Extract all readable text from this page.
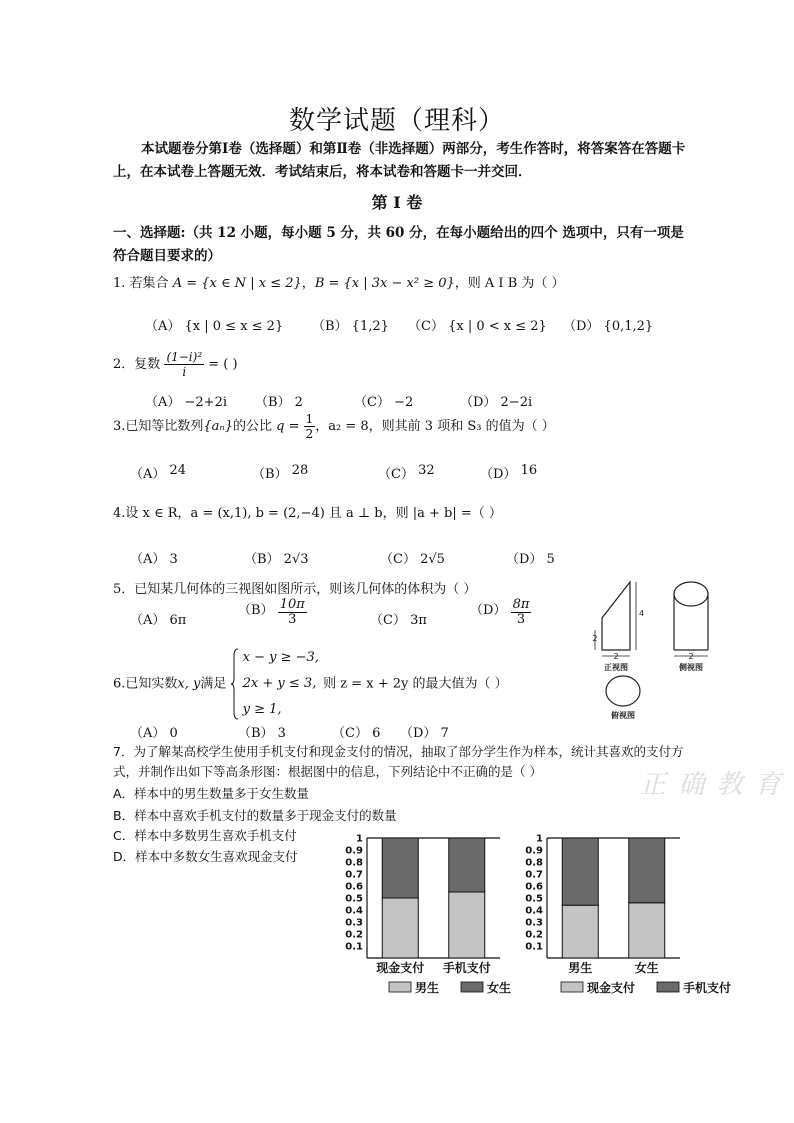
数学试题（理科）
本试题卷分第Ⅰ卷（选择题）和第Ⅱ卷（非选择题）两部分，考生作答时，将答案答在答题卡上，在本试卷上答题无效．考试结束后，将本试卷和答题卡一并交回．
第 Ⅰ 卷
一、选择题:（共 12 小题，每小题 5 分，共 60 分，在每小题给出的四个 选项中，只有一项是符合题目要求的）
1. 若集合 A = {x ∈ N | x ≤ 2}，B = {x | 3x − x² ≥ 0}，则 A I B 为（ ）
（A） {x | 0 ≤ x ≤ 2} （B） {1,2} （C） {x | 0 < x ≤ 2} （D） {0,1,2}
2．复数 $\frac{\text{(1−i)²}}{i}$ = ( )
（A） −2+2i （B） 2	（C） −2	（D） 2−2i
3.已知等比数列{aₙ}的公比 $q = \frac{1}{2}$ ，a₂ = 8，则其前 3 项和 S₃ 的值为（ ）
（A） 24	（B） 28	（C） 32	（D） 16
4.设 x ∈ R，a = (x,1), b = (2,−4) 且 a ⊥ b，则 |a + b| =（ ）
（A） 3	（B） 2√3	（C） 2√5	（D） 5
5．已知某几何体的三视图如图所示，则该几何体的体积为（ ）
（A） 6π
$(B) \frac{10\pi}{3}$	（C） 3π
$(D) \frac{8\pi}{3}$
2
4
2
正视图
2
侧视图
俯视图
6.已知实数x, y满足
x − y ≥ −3,
2x + y ≤ 3,
y ≥ 1,
则 z = x + 2y 的最大值为（ ）
（A） 0	（B） 3	（C） 6 （D） 7
7．为了解某高校学生使用手机支付和现金支付的情况，抽取了部分学生作为样本，统计其喜欢的支付方式，并制作出如下等高条形图：根据图中的信息，下列结论中不正确的是（ ）
A．样本中的男生数量多于女生数量
B．样本中喜欢手机支付的数量多于现金支付的数量
C．样本中多数男生喜欢手机支付
D．样本中多数女生喜欢现金支付
正 确 教 育
0.1
0.2
0.3
0.4
0.5
0.6
0.7
0.8
0.9
1
现金支付 手机支付
男生	女生
0.1
0.2
0.3
0.4
0.5
0.6
0.7
0.8
0.9
1
男生	女生
现金支付	手机支付
